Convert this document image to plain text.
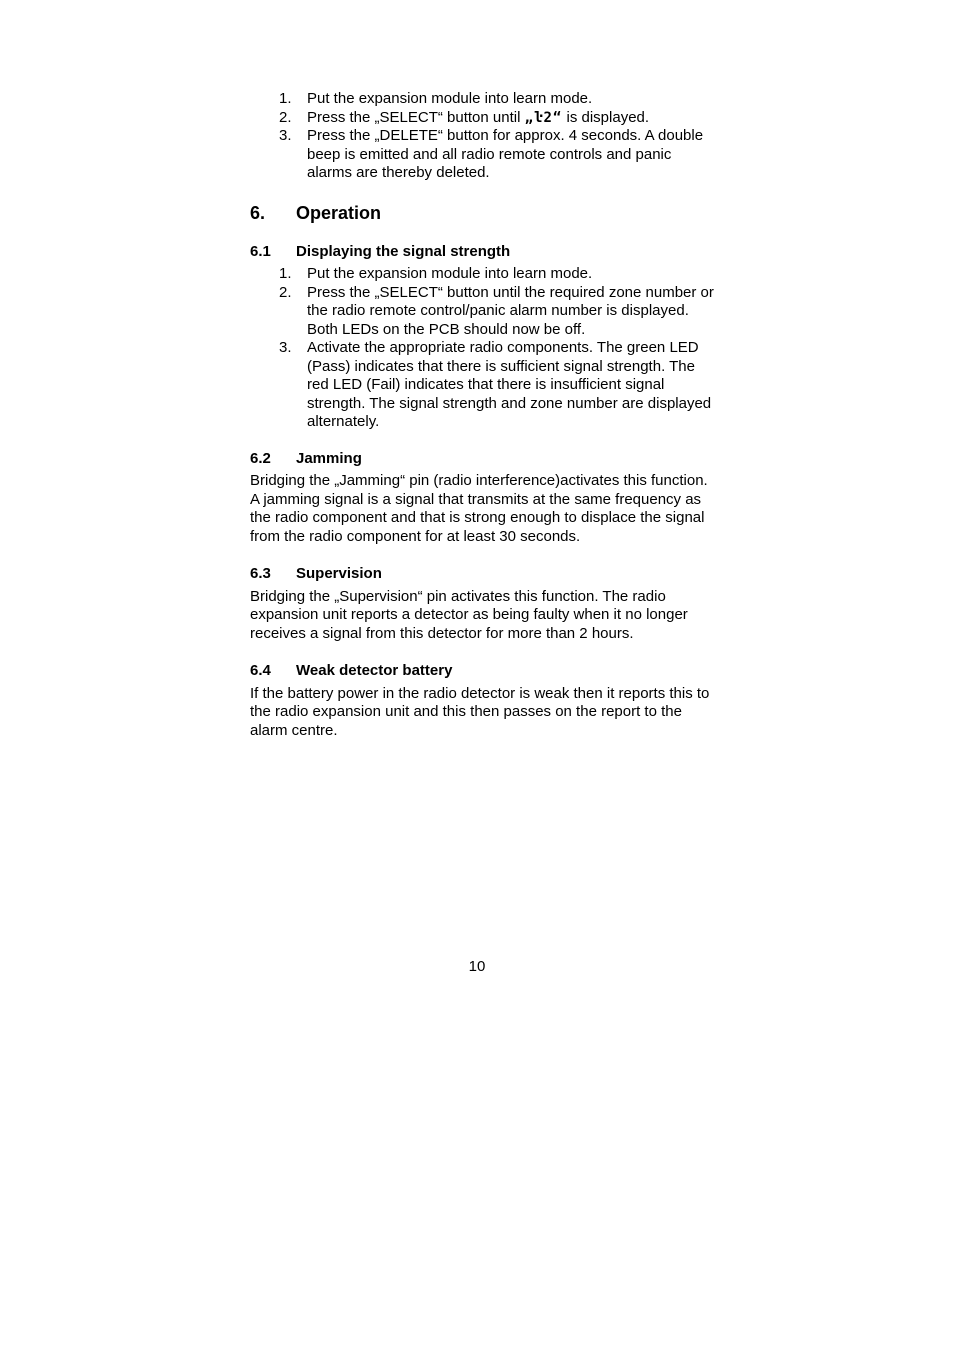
1. Put the expansion module into learn mode.
2. Press the „SELECT“ button until „ŀ2“ is displayed.
3. Press the „DELETE“ button for approx. 4 seconds. A double beep is emitted and all radio remote controls and panic alarms are thereby deleted.
6. Operation
6.1 Displaying the signal strength
1. Put the expansion module into learn mode.
2. Press the „SELECT“ button until the required zone number or the radio remote control/panic alarm number is displayed. Both LEDs on the PCB should now be off.
3. Activate the appropriate radio components. The green LED (Pass) indicates that there is sufficient signal strength. The red LED (Fail) indicates that there is insufficient signal strength. The signal strength and zone number are displayed alternately.
6.2 Jamming

Bridging the „Jamming“ pin (radio interference)activates this function. A jamming signal is a signal that transmits at the same frequency as the radio component and that is strong enough to displace the signal from the radio component for at least 30 seconds.

6.3 Supervision

Bridging the „Supervision“ pin activates this function. The radio expansion unit reports a detector as being faulty when it no longer receives a signal from this detector for more than 2 hours.

6.4 Weak detector battery

If the battery power in the radio detector is weak then it reports this to the radio expansion unit and this then passes on the report to the alarm centre.

10
